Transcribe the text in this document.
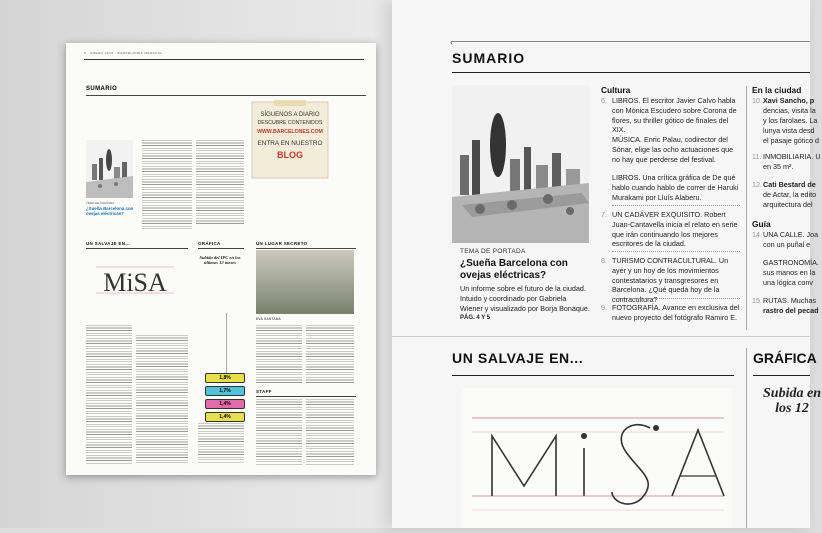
8 · ENERO 2015 · BARCELONES MENSUAL
SUMARIO
TEMA DE PORTADA
¿Sueña Barcelona con ovejas eléctricas?
SÍGUENOS A DIARIO
DESCUBRE CONTENIDOS
WWW.BARCELONES.COM
ENTRA EN NUESTRO
BLOG
UN SALVAJE EN...	GRÁFICA	UN LUGAR SECRETO
MiSA
Subida del IPC en los últimos 12 meses
1,8%
1,7%
1,4%
1,4%
EVA SANTANA
STAFF
‹
SUMARIO
TEMA DE PORTADA
¿Sueña Barcelona con ovejas eléctricas?
Un informe sobre el futuro de la ciudad. Intuido y coordinado por Gabriela Wiener y visualizado por Borja Bonaque.
PÁG. 4 Y 5
Cultura
6. LIBROS. El escritor Javier Calvo habla con Mónica Escudero sobre Corona de flores, su thriller gótico de finales del XIX.
MÚSICA. Enric Palau, codirector del Sónar, elige las ocho actuaciones que no hay que perderse del festival.
LIBROS. Una crítica gráfica de De qué hablo cuando hablo de correr de Haruki Murakami por Lluís Alaberu.
7. UN CADÁVER EXQUISITO. Robert Juan-Cantavella inicia el relato en serie que irán continuando los mejores escritores de la ciudad.
8. TURISMO CONTRACULTURAL. Un ayer y un hoy de los movimientos contestatarios y transgresores en Barcelona. ¿Qué queda hoy de la contracultura?
9. FOTOGRAFÍA. Avance en exclusiva del nuevo proyecto del fotógrafo Ramiro E.
En la ciudad
10.Xavi Sancho, p
dencias, visita la
y los farolaes. La
lunya vista desd
el pasaje gótico d
11. INMOBILIARIA. U
en 35 m².
12.Cati Bestard de
de Actar, la edito
arquitectura del
Guía
14.UNA CALLE. Joa
con un puñal e
GASTRONOMÍA.
sus manos en la
una lógica conv
15.RUTAS. Muchas
rastro del pecad
UN SALVAJE EN...	GRÁFICA
Subida en los 12
